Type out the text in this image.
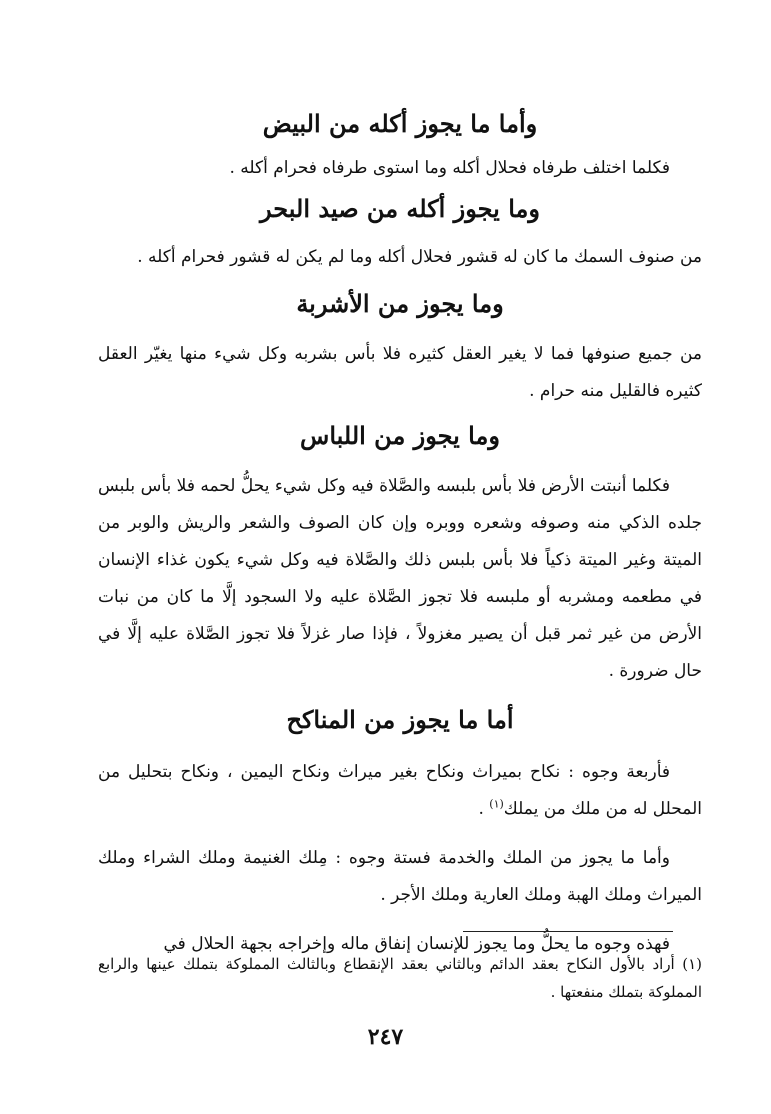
وأما ما يجوز أكله من البيض

فكلما اختلف طرفاه فحلال أكله وما استوى طرفاه فحرام أكله .

وما يجوز أكله من صيد البحر

من صنوف السمك ما كان له قشور فحلال أكله وما لم يكن له قشور فحرام أكله .

وما يجوز من الأشربة

من جميع صنوفها فما لا يغير العقل كثيره فلا بأس بشربه وكل شيء منها يغيّر العقل كثيره فالقليل منه حرام .

وما يجوز من اللباس

فكلما أنبتت الأرض فلا بأس بلبسه والصَّلاة فيه وكل شيء يحلُّ لحمه فلا بأس بلبس جلده الذكي منه وصوفه وشعره ووبره وإن كان الصوف والشعر والريش والوبر من الميتة وغير الميتة ذكياً فلا بأس بلبس ذلك والصَّلاة فيه وكل شيء يكون غذاء الإنسان في مطعمه ومشربه أو ملبسه فلا تجوز الصَّلاة عليه ولا السجود إلَّا ما كان من نبات الأرض من غير ثمر قبل أن يصير مغزولاً ، فإذا صار غزلاً فلا تجوز الصَّلاة عليه إلَّا في حال ضرورة .

أما ما يجوز من المناكح

فأربعة وجوه : نكاح بميراث ونكاح بغير ميراث ونكاح اليمين ، ونكاح بتحليل من المحلل له من ملك من يملك$^{(١)}$ .

وأما ما يجوز من الملك والخدمة فستة وجوه : مِلك الغنيمة وملك الشراء وملك الميراث وملك الهبة وملك العارية وملك الأجر .

فهذه وجوه ما يحلُّ وما يجوز للإنسان إنفاق ماله وإخراجه بجهة الحلال في

(١) أراد بالأول النكاح بعقد الدائم وبالثاني بعقد الإنقطاع وبالثالث المملوكة بتملك عينها والرابع المملوكة بتملك منفعتها .

٢٤٧
